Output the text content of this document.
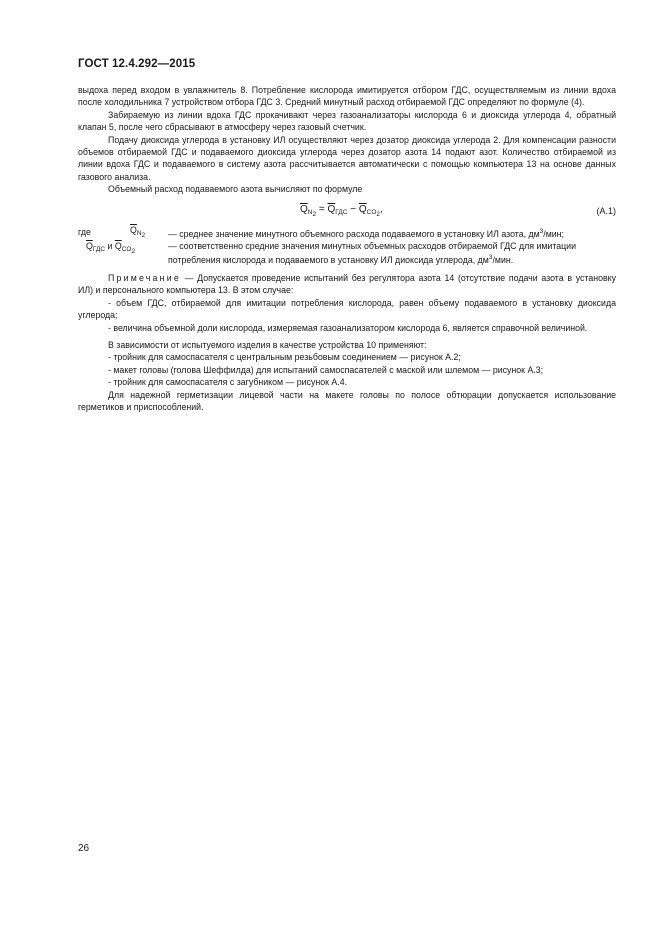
ГОСТ 12.4.292—2015

выдоха перед входом в увлажнитель 8. Потребление кислорода имитируется отбором ГДС, осуществляемым из линии вдоха после холодильника 7 устройством отбора ГДС 3. Средний минутный расход отбираемой ГДС определяют по формуле (4).

Забираемую из линии вдоха ГДС прокачивают через газоанализаторы кислорода 6 и диоксида углерода 4, обратный клапан 5, после чего сбрасывают в атмосферу через газовый счетчик.

Подачу диоксида углерода в установку ИЛ осуществляют через дозатор диоксида углерода 2. Для компенсации разности объемов отбираемой ГДС и подаваемого диоксида углерода через дозатор азота 14 подают азот. Количество отбираемой из линии вдоха ГДС и подаваемого в систему азота рассчитывается автоматически с помощью компьютера 13 на основе данных газового анализа.

Объемный расход подаваемого азота вычисляют по формуле

$\overline{Q}_{N2} = \overline{Q}_{ГДС} - \overline{Q}_{CO2}$,	(А.1)
где	$\overline{Q}_{N2}$	— среднее значение минутного объемного расхода подаваемого в установку ИЛ азота, $дм^3$/мин;
$\overline{Q}_{ГДС}$ и $\overline{Q}_{CO2}$
— соответственно средние значения минутных объемных расходов отбираемой ГДС для имитации потребления кислорода и подаваемого в установку ИЛ диоксида углерода, $дм^3$/мин.

Примечание — Допускается проведение испытаний без регулятора азота 14 (отсутствие подачи азота в установку ИЛ) и персонального компьютера 13. В этом случае:

- объем ГДС, отбираемой для имитации потребления кислорода, равен объему подаваемого в установку диоксида углерода;

- величина объемной доли кислорода, измеряемая газоанализатором кислорода 6, является справочной величиной.

В зависимости от испытуемого изделия в качестве устройства 10 применяют:

- тройник для самоспасателя с центральным резьбовым соединением — рисунок А.2;

- макет головы (голова Шеффилда) для испытаний самоспасателей с маской или шлемом — рисунок А.3;

- тройник для самоспасателя с загубником — рисунок А.4.

Для надежной герметизации лицевой части на макете головы по полосе обтюрации допускается использование герметиков и приспособлений.

26
